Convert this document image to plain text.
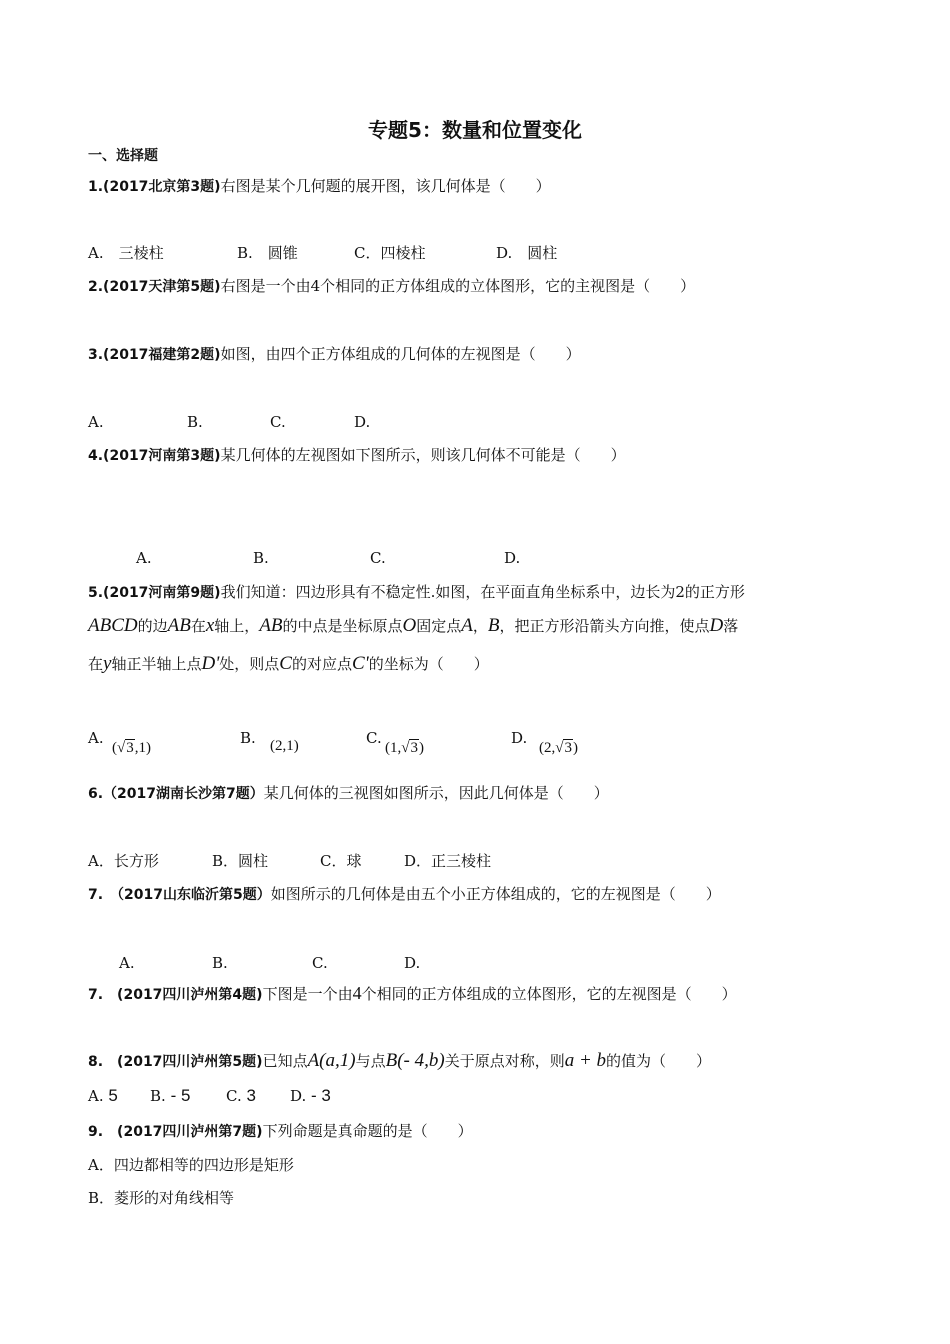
专题5：数量和位置变化
一、选择题
1.(2017北京第3题)右图是某个几何题的展开图，该几何体是（　　）
A.　三棱柱	B.　圆锥	C．四棱柱	D.　圆柱
2.(2017天津第5题)右图是一个由4个相同的正方体组成的立体图形，它的主视图是（　　）
3.(2017福建第2题)如图，由四个正方体组成的几何体的左视图是（　　）
A.	B.	C.	D.
4.(2017河南第3题)某几何体的左视图如下图所示，则该几何体不可能是（　　）
A.	B.	C.	D.
5.(2017河南第9题)我们知道：四边形具有不稳定性.如图，在平面直角坐标系中，边长为2的正方形
ABCD的边AB在x轴上，AB的中点是坐标原点O固定点A，B，把正方形沿箭头方向推，使点D落
在y轴正半轴上点D'处，则点C的对应点C'的坐标为（　　）
A.
(√3,1)
B. (2,1)	C.
(1,√3)
D.
(2,√3)
6.（2017湖南长沙第7题）某几何体的三视图如图所示，因此几何体是（　　）
A．长方形	B．圆柱	C．球	D．正三棱柱
7.　（2017山东临沂第5题）如图所示的几何体是由五个小正方体组成的，它的左视图是（　　）
A.	B.	C.	D.
7.　(2017四川泸州第4题)下图是一个由4个相同的正方体组成的立体图形，它的左视图是（　　）
8.　(2017四川泸州第5题)已知点A(a,1)与点B(- 4,b)关于原点对称，则a + b的值为（　　）
A. 5 B. - 5 C. 3 D. - 3
9.　(2017四川泸州第7题)下列命题是真命题的是（　　）
A．四边都相等的四边形是矩形
B．菱形的对角线相等
